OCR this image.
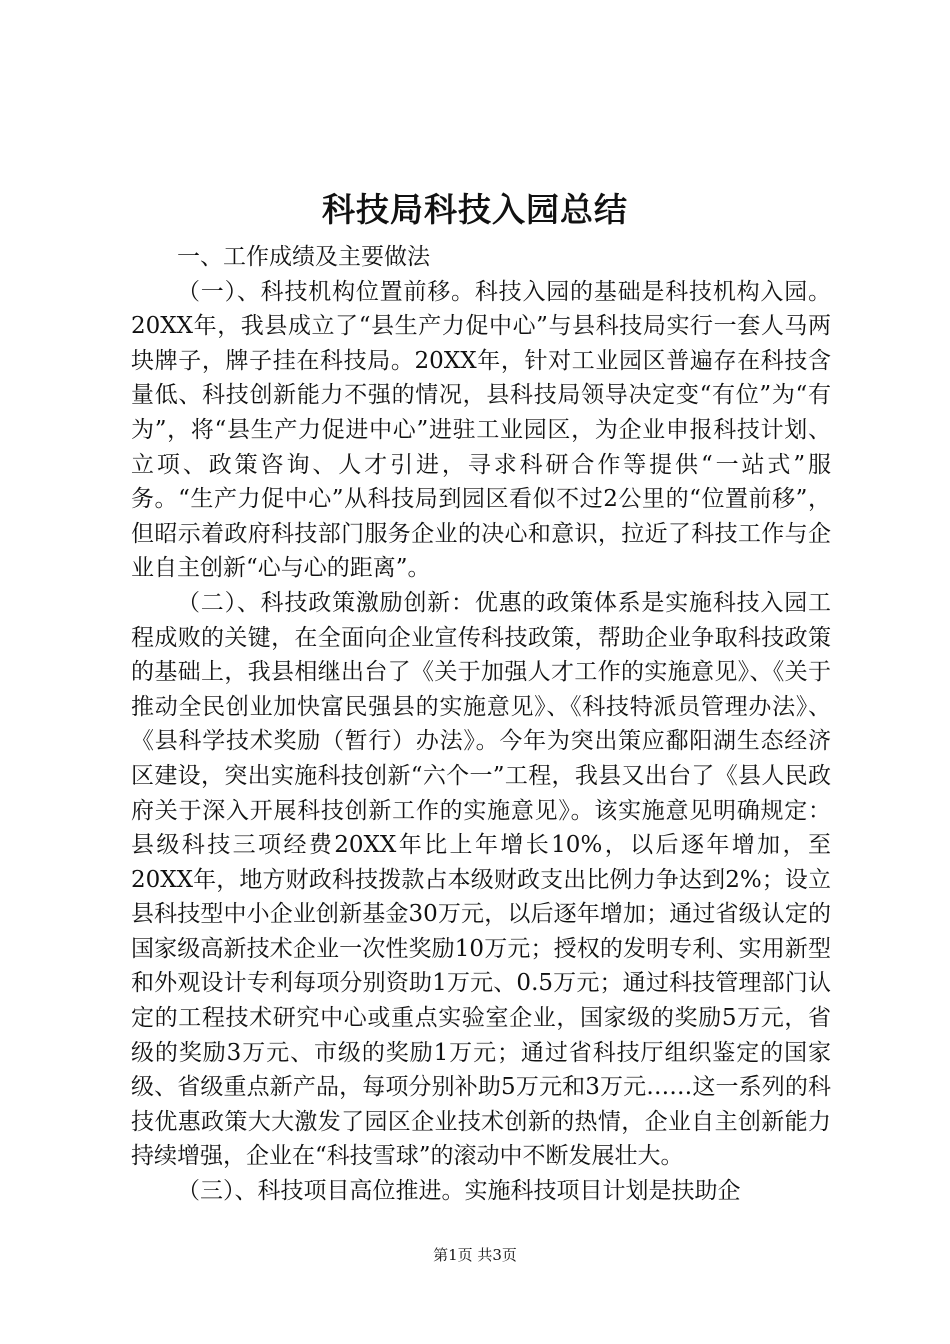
科技局科技入园总结

一、工作成绩及主要做法

（一）、科技机构位置前移。科技入园的基础是科技机构入园。20XX年，我县成立了“县生产力促中心”与县科技局实行一套人马两块牌子，牌子挂在科技局。20XX年，针对工业园区普遍存在科技含量低、科技创新能力不强的情况，县科技局领导决定变“有位”为“有为”，将“县生产力促进中心”进驻工业园区，为企业申报科技计划、立项、政策咨询、人才引进，寻求科研合作等提供“一站式”服务。“生产力促中心”从科技局到园区看似不过2公里的“位置前移”，但昭示着政府科技部门服务企业的决心和意识，拉近了科技工作与企业自主创新“心与心的距离”。

（二）、科技政策激励创新：优惠的政策体系是实施科技入园工程成败的关键，在全面向企业宣传科技政策，帮助企业争取科技政策的基础上，我县相继出台了《关于加强人才工作的实施意见》、《关于推动全民创业加快富民强县的实施意见》、《科技特派员管理办法》、《县科学技术奖励（暂行）办法》。今年为突出策应鄱阳湖生态经济区建设，突出实施科技创新“六个一”工程，我县又出台了《县人民政府关于深入开展科技创新工作的实施意见》。该实施意见明确规定：县级科技三项经费20XX年比上年增长10%，以后逐年增加，至20XX年，地方财政科技拨款占本级财政支出比例力争达到2%；设立县科技型中小企业创新基金30万元，以后逐年增加；通过省级认定的国家级高新技术企业一次性奖励10万元；授权的发明专利、实用新型和外观设计专利每项分别资助1万元、0.5万元；通过科技管理部门认定的工程技术研究中心或重点实验室企业，国家级的奖励5万元，省级的奖励3万元、市级的奖励1万元；通过省科技厅组织鉴定的国家级、省级重点新产品，每项分别补助5万元和3万元……这一系列的科技优惠政策大大激发了园区企业技术创新的热情，企业自主创新能力持续增强，企业在“科技雪球”的滚动中不断发展壮大。

（三）、科技项目高位推进。实施科技项目计划是扶助企

第1页 共3页
